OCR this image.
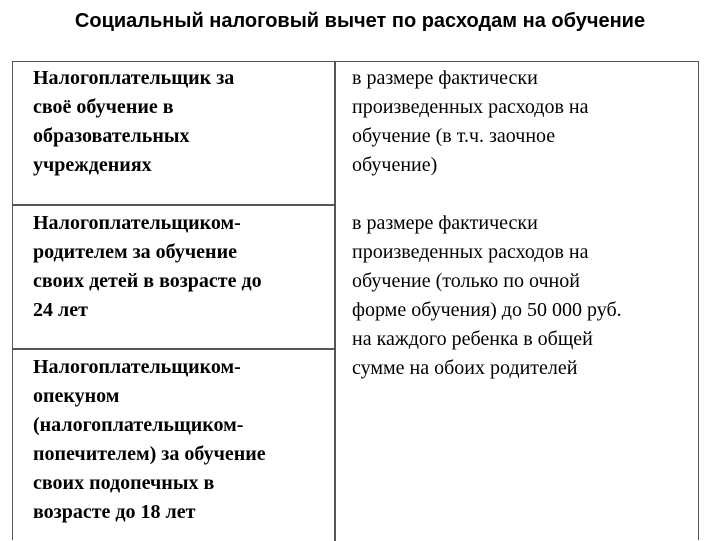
Социальный налоговый вычет по расходам на обучение

Налогоплательщик за
своё обучение в
образовательных
учреждениях

Налогоплательщиком-
родителем за обучение
своих детей в возрасте до
24 лет

Налогоплательщиком-
опекуном
(налогоплательщиком-
попечителем) за обучение
своих подопечных в
возрасте до 18 лет

в размере фактически
произведенных расходов на
обучение (в т.ч. заочное
обучение)

в размере фактически
произведенных расходов на
обучение (только по очной
форме обучения) до 50 000 руб.
на каждого ребенка в общей
сумме на обоих родителей
